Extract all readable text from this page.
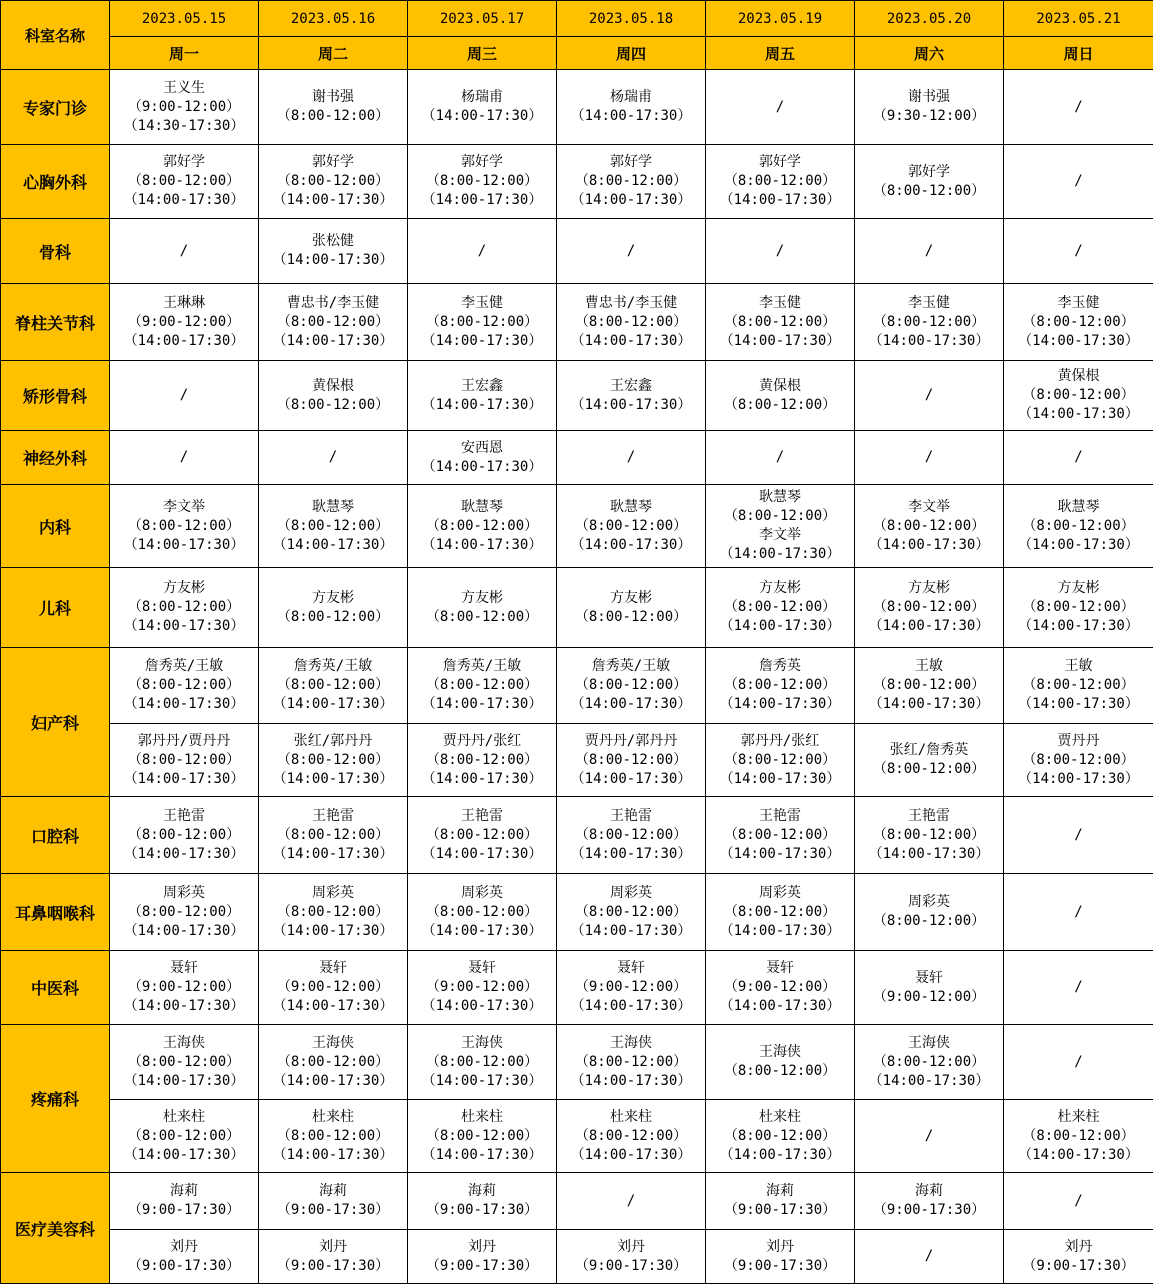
科室名称	2023.05.15	2023.05.16	2023.05.17	2023.05.18	2023.05.19	2023.05.20	2023.05.21
	周一	周二	周三	周四	周五	周六	周日
专家门诊	王义生
（9:00-12:00）
（14:30-17:30）	谢书强
（8:00-12:00）	杨瑞甫
（14:00-17:30）	杨瑞甫
（14:00-17:30）	/	谢书强
（9:30-12:00）	/

心胸外科	郭好学
（8:00-12:00）
（14:00-17:30）	郭好学
（8:00-12:00）
（14:00-17:30）	郭好学
（8:00-12:00）
（14:00-17:30）	郭好学
（8:00-12:00）
（14:00-17:30）	郭好学
（8:00-12:00）
（14:00-17:30）	郭好学
（8:00-12:00）	/

骨科	/	张松健
（14:00-17:30）	/	/	/	/	/

脊柱关节科	王琳琳
（9:00-12:00）
（14:00-17:30）	曹忠书/李玉健
（8:00-12:00）
（14:00-17:30）	李玉健
（8:00-12:00）
（14:00-17:30）	曹忠书/李玉健
（8:00-12:00）
（14:00-17:30）	李玉健
（8:00-12:00）
（14:00-17:30）	李玉健
（8:00-12:00）
（14:00-17:30）	李玉健
（8:00-12:00）
（14:00-17:30）

矫形骨科	/	黄保根
（8:00-12:00）	王宏鑫
（14:00-17:30）	王宏鑫
（14:00-17:30）	黄保根
（8:00-12:00）	/	黄保根
（8:00-12:00）
（14:00-17:30）

神经外科	/	/	安西恩
（14:00-17:30）	/	/	/	/

内科	李文举
（8:00-12:00）
（14:00-17:30）	耿慧琴
（8:00-12:00）
（14:00-17:30）	耿慧琴
（8:00-12:00）
（14:00-17:30）	耿慧琴
（8:00-12:00）
（14:00-17:30）	耿慧琴
（8:00-12:00）
李文举
（14:00-17:30）	李文举
（8:00-12:00）
（14:00-17:30）	耿慧琴
（8:00-12:00）
（14:00-17:30）

儿科	方友彬
（8:00-12:00）
（14:00-17:30）	方友彬
（8:00-12:00）	方友彬
（8:00-12:00）	方友彬
（8:00-12:00）	方友彬
（8:00-12:00）
（14:00-17:30）	方友彬
（8:00-12:00）
（14:00-17:30）	方友彬
（8:00-12:00）
（14:00-17:30）

妇产科	詹秀英/王敏
（8:00-12:00）
（14:00-17:30）	詹秀英/王敏
（8:00-12:00）
（14:00-17:30）	詹秀英/王敏
（8:00-12:00）
（14:00-17:30）	詹秀英/王敏
（8:00-12:00）
（14:00-17:30）	詹秀英
（8:00-12:00）
（14:00-17:30）	王敏
（8:00-12:00）
（14:00-17:30）	王敏
（8:00-12:00）
（14:00-17:30）

	郭丹丹/贾丹丹
（8:00-12:00）
（14:00-17:30）	张红/郭丹丹
（8:00-12:00）
（14:00-17:30）	贾丹丹/张红
（8:00-12:00）
（14:00-17:30）	贾丹丹/郭丹丹
（8:00-12:00）
（14:00-17:30）	郭丹丹/张红
（8:00-12:00）
（14:00-17:30）	张红/詹秀英
（8:00-12:00）	贾丹丹
（8:00-12:00）
（14:00-17:30）

口腔科	王艳雷
（8:00-12:00）
（14:00-17:30）	王艳雷
（8:00-12:00）
（14:00-17:30）	王艳雷
（8:00-12:00）
（14:00-17:30）	王艳雷
（8:00-12:00）
（14:00-17:30）	王艳雷
（8:00-12:00）
（14:00-17:30）	王艳雷
（8:00-12:00）
（14:00-17:30）	/

耳鼻咽喉科	周彩英
（8:00-12:00）
（14:00-17:30）	周彩英
（8:00-12:00）
（14:00-17:30）	周彩英
（8:00-12:00）
（14:00-17:30）	周彩英
（8:00-12:00）
（14:00-17:30）	周彩英
（8:00-12:00）
（14:00-17:30）	周彩英
（8:00-12:00）	/

中医科	聂轩
（9:00-12:00）
（14:00-17:30）	聂轩
（9:00-12:00）
（14:00-17:30）	聂轩
（9:00-12:00）
（14:00-17:30）	聂轩
（9:00-12:00）
（14:00-17:30）	聂轩
（9:00-12:00）
（14:00-17:30）	聂轩
（9:00-12:00）	/

疼痛科	王海侠
（8:00-12:00）
（14:00-17:30）	王海侠
（8:00-12:00）
（14:00-17:30）	王海侠
（8:00-12:00）
（14:00-17:30）	王海侠
（8:00-12:00）
（14:00-17:30）	王海侠
（8:00-12:00）	王海侠
（8:00-12:00）
（14:00-17:30）	/

	杜来柱
（8:00-12:00）
（14:00-17:30）	杜来柱
（8:00-12:00）
（14:00-17:30）	杜来柱
（8:00-12:00）
（14:00-17:30）	杜来柱
（8:00-12:00）
（14:00-17:30）	杜来柱
（8:00-12:00）
（14:00-17:30）	/	杜来柱
（8:00-12:00）
（14:00-17:30）

医疗美容科	海莉
（9:00-17:30）	海莉
（9:00-17:30）	海莉
（9:00-17:30）	/	海莉
（9:00-17:30）	海莉
（9:00-17:30）	/

	刘丹
（9:00-17:30）	刘丹
（9:00-17:30）	刘丹
（9:00-17:30）	刘丹
（9:00-17:30）	刘丹
（9:00-17:30）	/	刘丹
（9:00-17:30）
